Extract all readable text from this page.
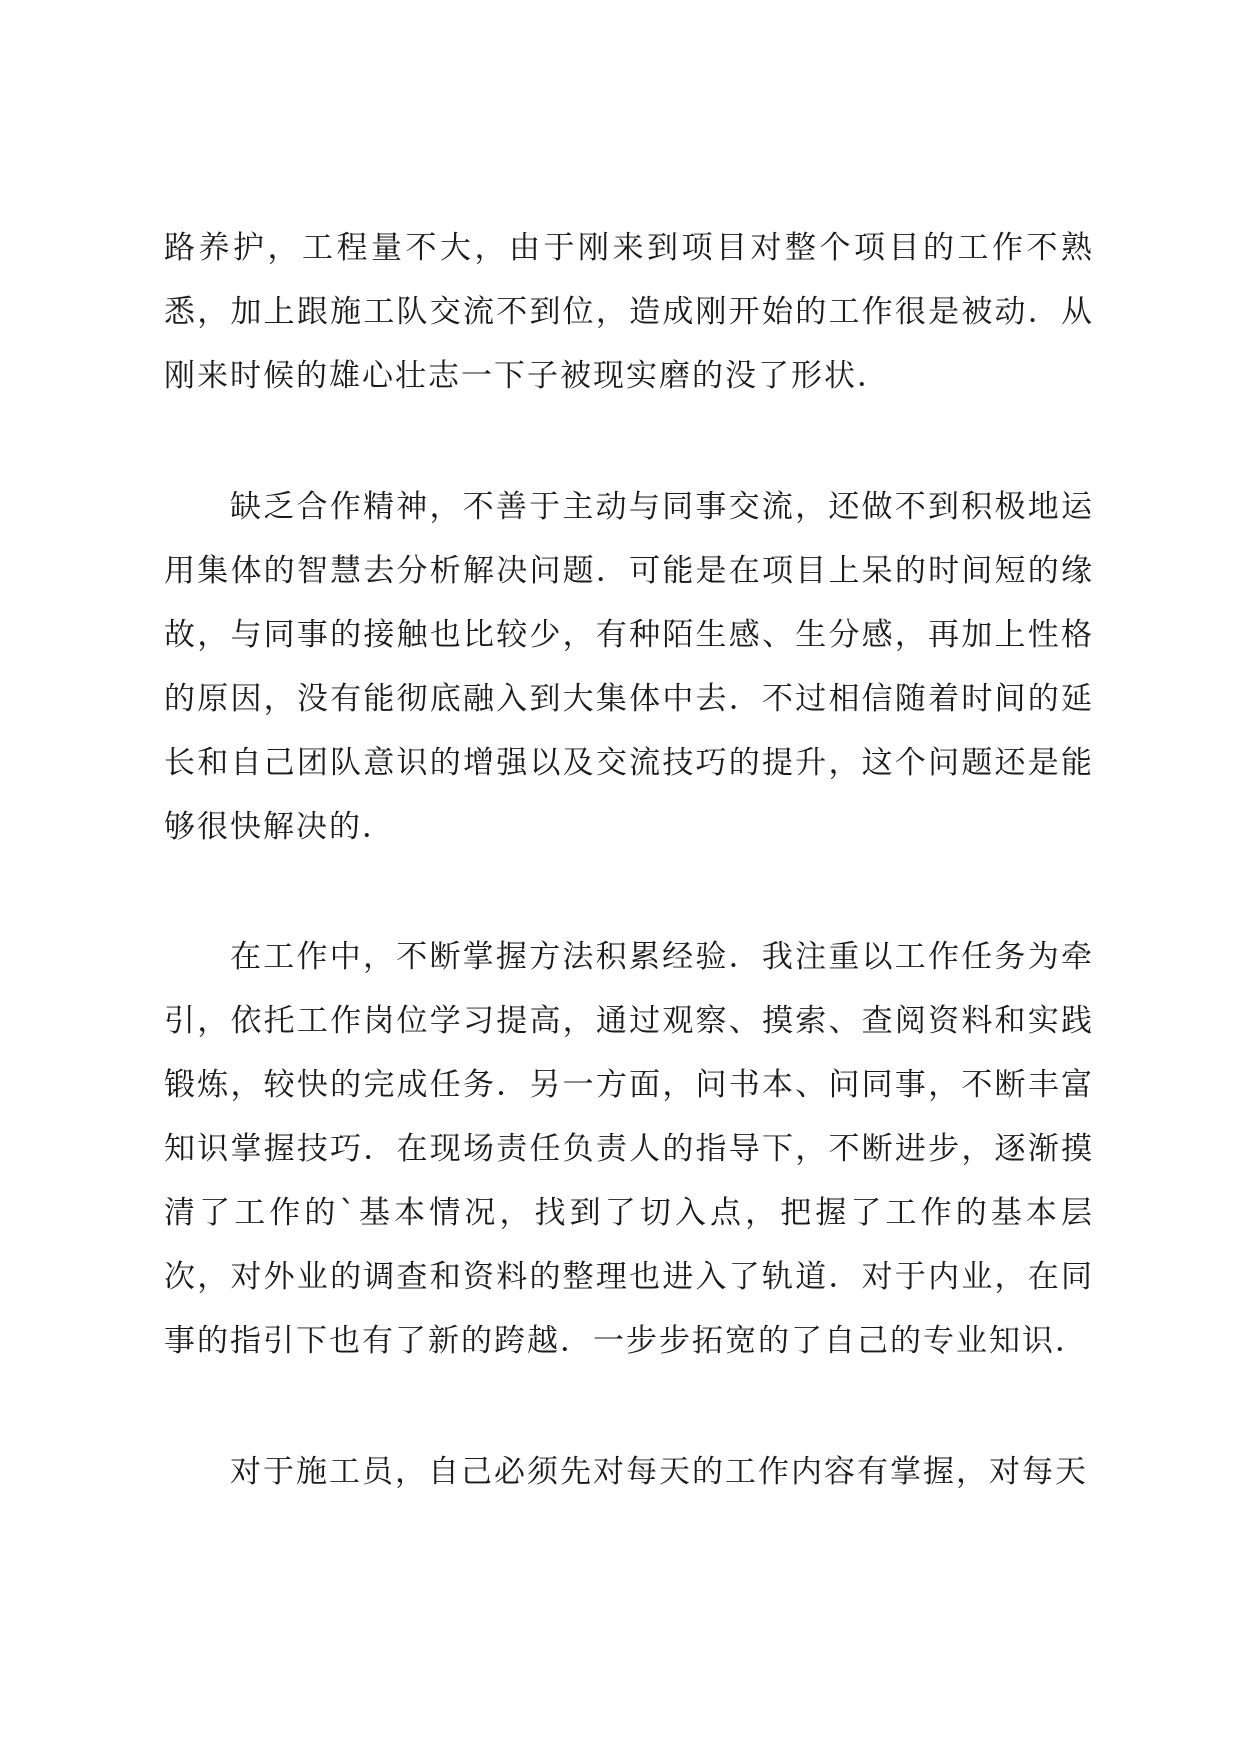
路养护，工程量不大，由于刚来到项目对整个项目的工作不熟悉，加上跟施工队交流不到位，造成刚开始的工作很是被动．从刚来时候的雄心壮志一下子被现实磨的没了形状．

缺乏合作精神，不善于主动与同事交流，还做不到积极地运用集体的智慧去分析解决问题．可能是在项目上呆的时间短的缘故，与同事的接触也比较少，有种陌生感、生分感，再加上性格的原因，没有能彻底融入到大集体中去．不过相信随着时间的延长和自己团队意识的增强以及交流技巧的提升，这个问题还是能够很快解决的．

在工作中，不断掌握方法积累经验．我注重以工作任务为牵引，依托工作岗位学习提高，通过观察、摸索、查阅资料和实践锻炼，较快的完成任务．另一方面，问书本、问同事，不断丰富知识掌握技巧．在现场责任负责人的指导下，不断进步，逐渐摸清了工作的`基本情况，找到了切入点，把握了工作的基本层次，对外业的调查和资料的整理也进入了轨道．对于内业，在同事的指引下也有了新的跨越．一步步拓宽的了自己的专业知识．

对于施工员，自己必须先对每天的工作内容有掌握，对每天
